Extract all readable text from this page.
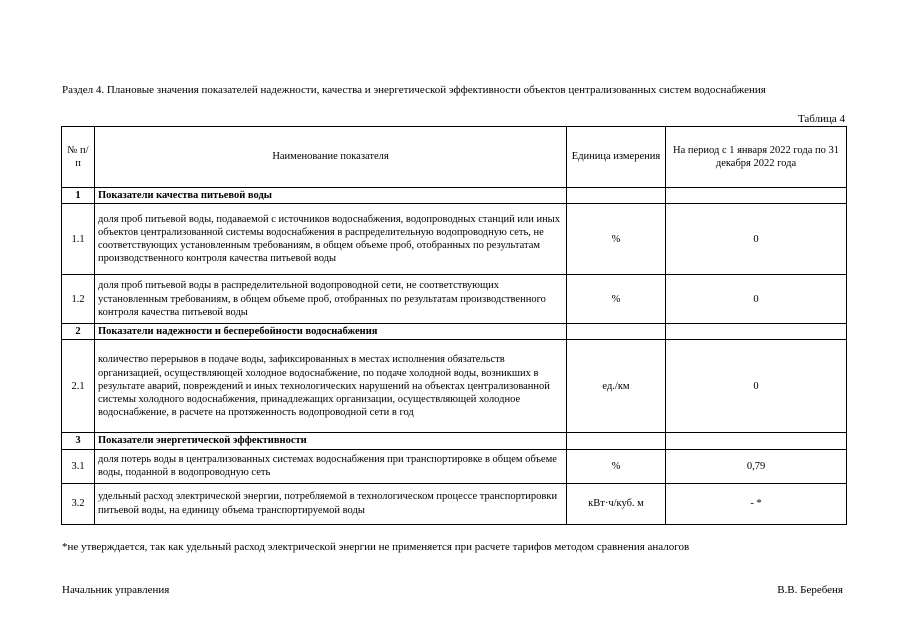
Раздел 4. Плановые значения показателей надежности, качества и энергетической эффективности объектов централизованных систем водоснабжения
Таблица 4
№ п/п	Наименование показателя	Единица измерения	На период с 1 января 2022 года по 31 декабря 2022 года
1	Показатели качества питьевой воды		
1.1	доля проб питьевой воды, подаваемой с источников водоснабжения, водопроводных станций или иных объектов централизованной системы водоснабжения в распределительную водопроводную сеть, не соответствующих установленным требованиям, в общем объеме проб, отобранных по результатам производственного контроля качества питьевой воды	%	0
1.2	доля проб питьевой воды в распределительной водопроводной сети, не соответствующих установленным требованиям, в общем объеме проб, отобранных по результатам производственного контроля качества питьевой воды	%	0
2	Показатели надежности и бесперебойности водоснабжения		
2.1	количество перерывов в подаче воды, зафиксированных в местах исполнения обязательств организацией, осуществляющей холодное водоснабжение, по подаче холодной воды, возникших в результате аварий, повреждений и иных технологических нарушений на объектах централизованной системы холодного водоснабжения, принадлежащих организации, осуществляющей холодное водоснабжение, в расчете на протяженность водопроводной сети в год	ед./км	0
3	Показатели энергетической эффективности		
3.1	доля потерь воды в централизованных системах водоснабжения при транспортировке в общем объеме воды, поданной в водопроводную сеть	%	0,79
3.2	удельный расход электрической энергии, потребляемой в технологическом процессе транспортировки питьевой воды, на единицу объема транспортируемой воды	кВт·ч/куб. м	- *
*не утверждается, так как удельный расход электрической энергии не применяется при расчете тарифов методом сравнения аналогов
Начальник управления	В.В. Беребеня
